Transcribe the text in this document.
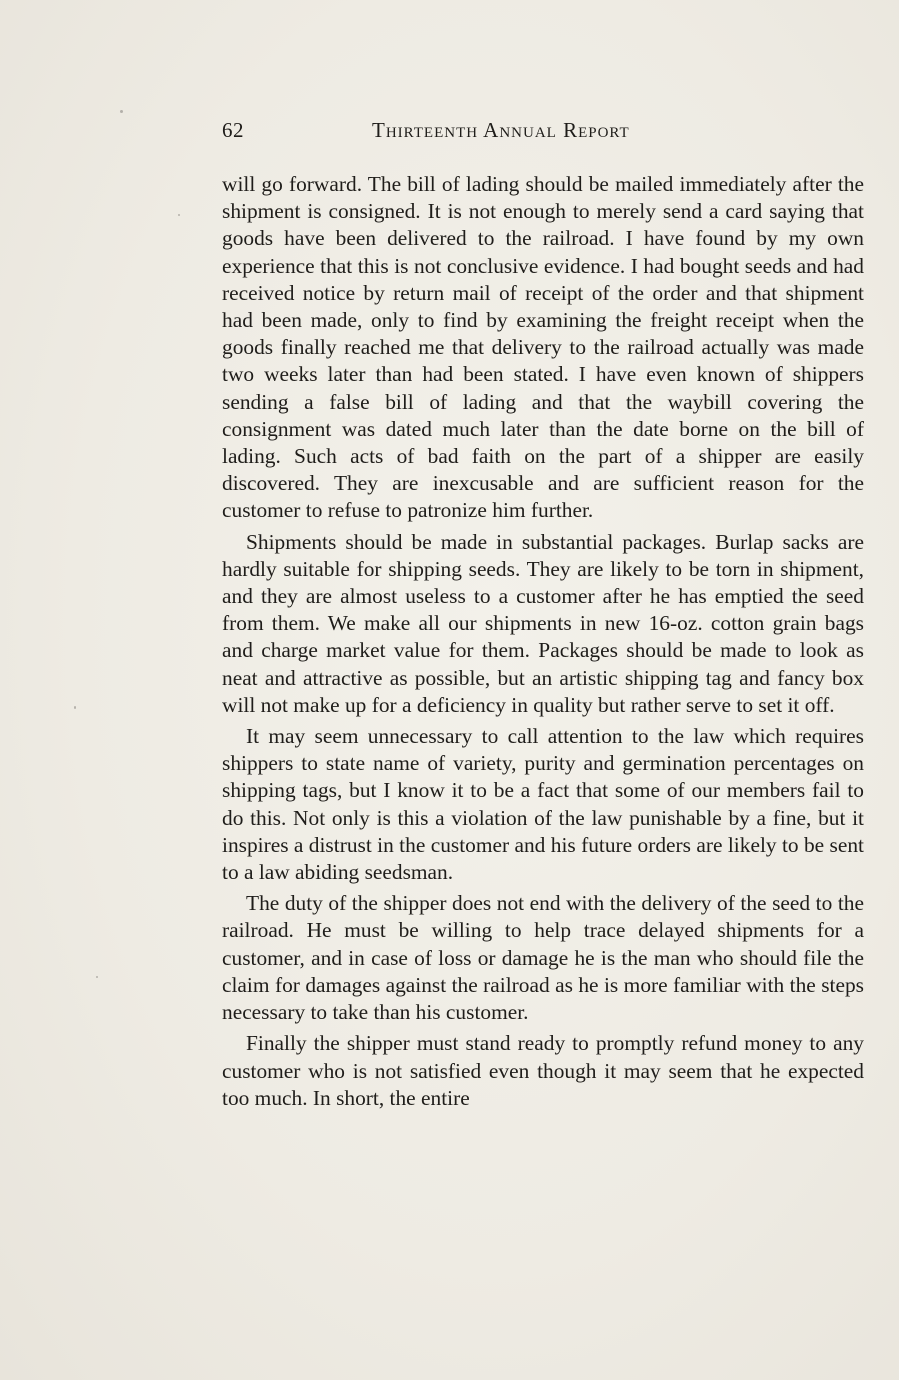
62	Thirteenth Annual Report

will go forward. The bill of lading should be mailed immediately after the shipment is consigned. It is not enough to merely send a card saying that goods have been delivered to the railroad. I have found by my own experience that this is not conclusive evidence. I had bought seeds and had received notice by return mail of receipt of the order and that shipment had been made, only to find by examining the freight receipt when the goods finally reached me that delivery to the railroad actually was made two weeks later than had been stated. I have even known of shippers sending a false bill of lading and that the waybill covering the consignment was dated much later than the date borne on the bill of lading. Such acts of bad faith on the part of a shipper are easily discovered. They are inexcusable and are sufficient reason for the customer to refuse to patronize him further.

Shipments should be made in substantial packages. Burlap sacks are hardly suitable for shipping seeds. They are likely to be torn in shipment, and they are almost useless to a customer after he has emptied the seed from them. We make all our shipments in new 16-oz. cotton grain bags and charge market value for them. Packages should be made to look as neat and attractive as possible, but an artistic shipping tag and fancy box will not make up for a deficiency in quality but rather serve to set it off.

It may seem unnecessary to call attention to the law which requires shippers to state name of variety, purity and germination percentages on shipping tags, but I know it to be a fact that some of our members fail to do this. Not only is this a violation of the law punishable by a fine, but it inspires a distrust in the customer and his future orders are likely to be sent to a law abiding seedsman.

The duty of the shipper does not end with the delivery of the seed to the railroad. He must be willing to help trace delayed shipments for a customer, and in case of loss or damage he is the man who should file the claim for damages against the railroad as he is more familiar with the steps necessary to take than his customer.

Finally the shipper must stand ready to promptly refund money to any customer who is not satisfied even though it may seem that he expected too much. In short, the entire
